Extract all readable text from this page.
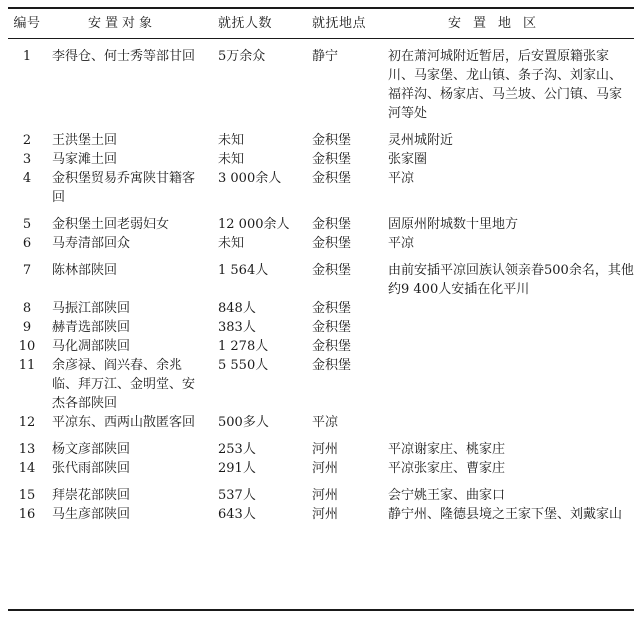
编号	安置对象	就抚人数	就抚地点	安置地区
1	李得仓、何士秀等部甘回	5万余众	静宁	初在萧河城附近暂居，后安置原籍张家川、马家堡、龙山镇、条子沟、刘家山、福祥沟、杨家店、马兰坡、公门镇、马家河等处
2	王洪堡土回	未知	金积堡	灵州城附近
3	马家滩土回	未知	金积堡	张家圈
4	金积堡贸易乔寓陕甘籍客回	3 000余人	金积堡	平凉
5	金积堡土回老弱妇女	12 000余人	金积堡	固原州附城数十里地方
6	马寿清部回众	未知	金积堡	平凉
7	陈林部陕回	1 564人	金积堡	由前安插平凉回族认领亲眷500余名，其他约9 400人安插在化平川
8	马振江部陕回	848人	金积堡	
9	赫青选部陕回	383人	金积堡	
10	马化凋部陕回	1 278人	金积堡	
11	余彦禄、阎兴春、余兆临、拜万江、金明堂、安杰各部陕回	5 550人	金积堡	
12	平凉东、西两山散匿客回	500多人	平凉	
13	杨文彦部陕回	253人	河州	平凉谢家庄、桃家庄
14	张代雨部陕回	291人	河州	平凉张家庄、曹家庄
15	拜崇花部陕回	537人	河州	会宁姚王家、曲家口
16	马生彦部陕回	643人	河州	静宁州、隆德县境之王家下堡、刘戴家山
